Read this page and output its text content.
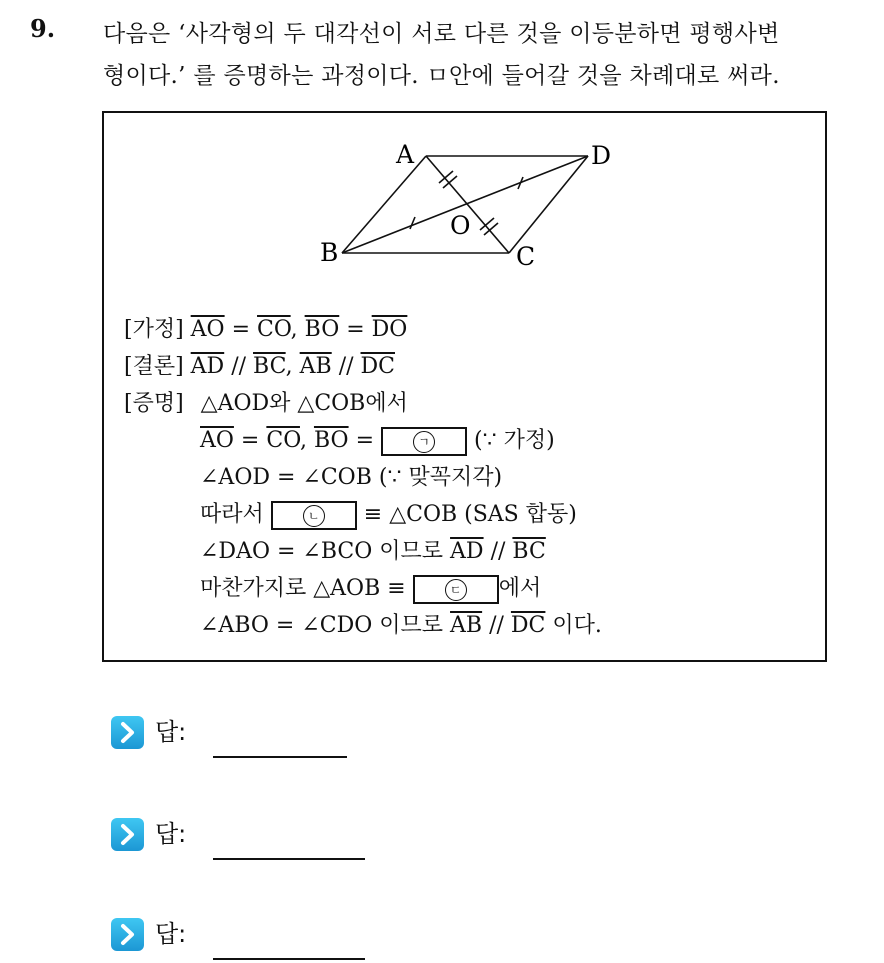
9. 다음은 ‘사각형의 두 대각선이 서로 다른 것을 이등분하면 평행사변
형이다.’ 를 증명하는 과정이다. ㅁ안에 들어갈 것을 차례대로 써라.
A	D
B	C
O
[가정] $\overline{AO} = \overline{CO}$, $\overline{BO} = \overline{DO}$
[결론] $\overline{AD} // \overline{BC}$, $\overline{AB} // \overline{DC}$
[증명] △AOD와 △COB에서
$\overline{AO} = \overline{CO}$, $\overline{BO}$ =	ㄱ (∵ 가정)
∠AOD = ∠COB (∵ 맞꼭지각)
따라서	ㄴ ≡ △COB (SAS 합동)
∠DAO = ∠BCO 이므로 $\overline{AD} // \overline{BC}$
마찬가지로 △AOB ≡	ㄷ 에서
∠ABO = ∠CDO 이므로 $\overline{AB} // \overline{DC}$ 이다.
답:
답:
답:
